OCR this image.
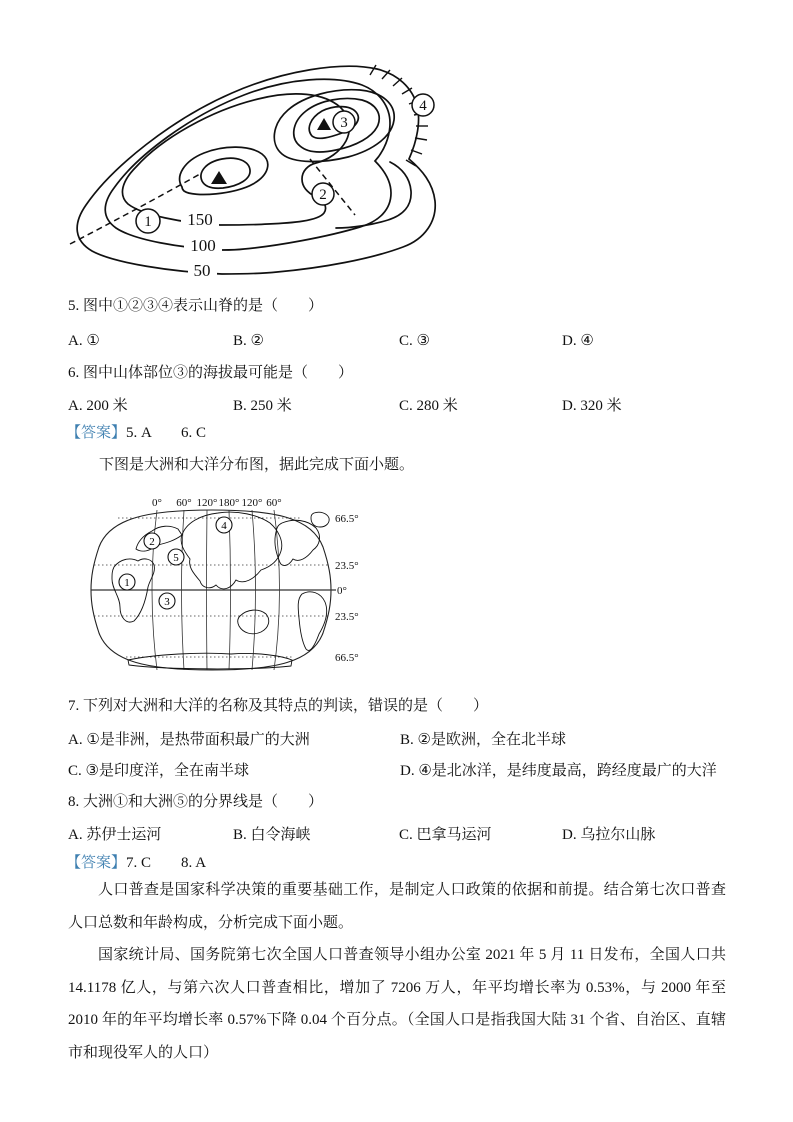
150
100
50
1
2
3
4
5. 图中①②③④表示山脊的是（　　）
A. ①	B. ②	C. ③	D. ④
6. 图中山体部位③的海拔最可能是（　　）
A. 200 米	B. 250 米	C. 280 米	D. 320 米
【答案】5. A　　6. C
下图是大洲和大洋分布图，据此完成下面小题。
0° 60° 120° 180° 120° 60°
66.5°
23.5°
0°
23.5°
66.5°
1
2
3
4
5
7. 下列对大洲和大洋的名称及其特点的判读，错误的是（　　）
A. ①是非洲，是热带面积最广的大洲	B. ②是欧洲，全在北半球
C. ③是印度洋，全在南半球	D. ④是北冰洋，是纬度最高，跨经度最广的大洋
8. 大洲①和大洲⑤的分界线是（　　）
A. 苏伊士运河	B. 白令海峡	C. 巴拿马运河	D. 乌拉尔山脉
【答案】7. C　　8. A
人口普查是国家科学决策的重要基础工作，是制定人口政策的依据和前提。结合第七次口普查人口总数和年龄构成，分析完成下面小题。
国家统计局、国务院第七次全国人口普查领导小组办公室 2021 年 5 月 11 日发布，全国人口共 14.1178 亿人，与第六次人口普查相比，增加了 7206 万人，年平均增长率为 0.53%，与 2000 年至 2010 年的年平均增长率 0.57%下降 0.04 个百分点。（全国人口是指我国大陆 31 个省、自治区、直辖市和现役军人的人口）
